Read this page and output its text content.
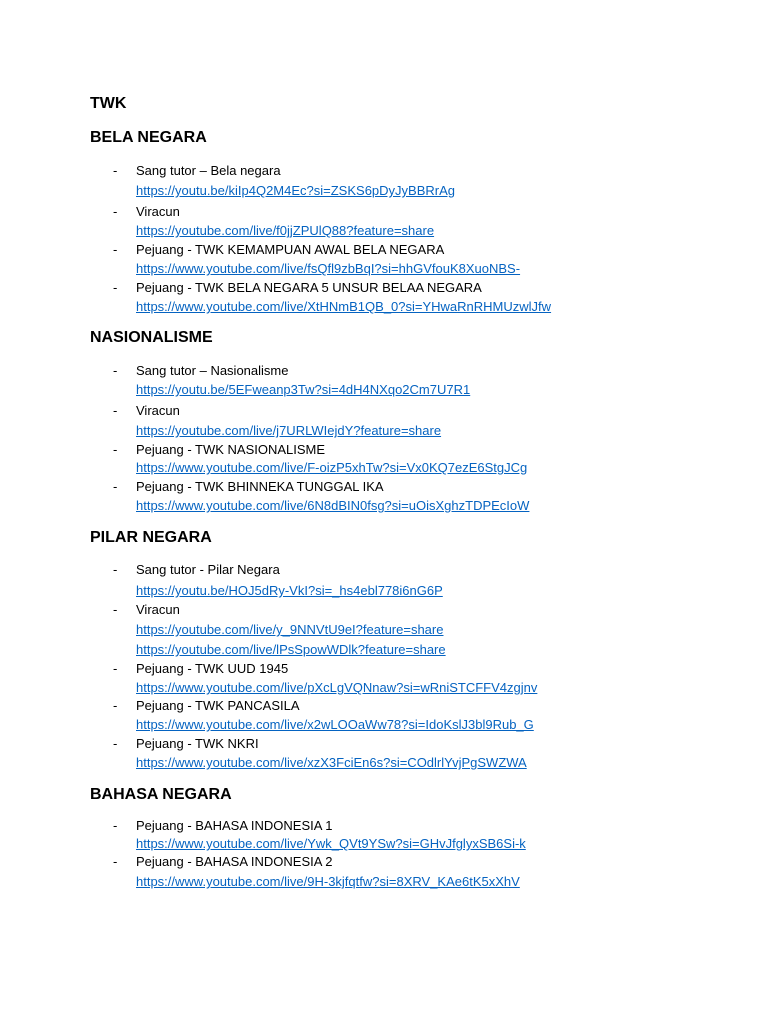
TWK
BELA NEGARA
- Sang tutor – Bela negara
https://youtu.be/kiIp4Q2M4Ec?si=ZSKS6pDyJyBBRrAg
- Viracun
https://youtube.com/live/f0jjZPUlQ88?feature=share
- Pejuang - TWK KEMAMPUAN AWAL BELA NEGARA
https://www.youtube.com/live/fsQfl9zbBqI?si=hhGVfouK8XuoNBS-
- Pejuang - TWK BELA NEGARA 5 UNSUR BELAA NEGARA
https://www.youtube.com/live/XtHNmB1QB_0?si=YHwaRnRHMUzwlJfw
NASIONALISME
- Sang tutor – Nasionalisme
https://youtu.be/5EFweanp3Tw?si=4dH4NXqo2Cm7U7R1
- Viracun
https://youtube.com/live/j7URLWIejdY?feature=share
- Pejuang - TWK NASIONALISME
https://www.youtube.com/live/F-oizP5xhTw?si=Vx0KQ7ezE6StgJCg
- Pejuang - TWK BHINNEKA TUNGGAL IKA
https://www.youtube.com/live/6N8dBIN0fsg?si=uOisXghzTDPEcIoW
PILAR NEGARA
- Sang tutor - Pilar Negara
https://youtu.be/HOJ5dRy-VkI?si=_hs4ebl778i6nG6P
- Viracun
https://youtube.com/live/y_9NNVtU9eI?feature=share
https://youtube.com/live/lPsSpowWDlk?feature=share
- Pejuang - TWK UUD 1945
https://www.youtube.com/live/pXcLgVQNnaw?si=wRniSTCFFV4zgjnv
- Pejuang - TWK PANCASILA
https://www.youtube.com/live/x2wLOOaWw78?si=IdoKslJ3bl9Rub_G
- Pejuang - TWK NKRI
https://www.youtube.com/live/xzX3FciEn6s?si=COdlrlYvjPgSWZWA
BAHASA NEGARA
- Pejuang - BAHASA INDONESIA 1
https://www.youtube.com/live/Ywk_QVt9YSw?si=GHvJfglyxSB6Si-k
- Pejuang - BAHASA INDONESIA 2
https://www.youtube.com/live/9H-3kjfqtfw?si=8XRV_KAe6tK5xXhV
